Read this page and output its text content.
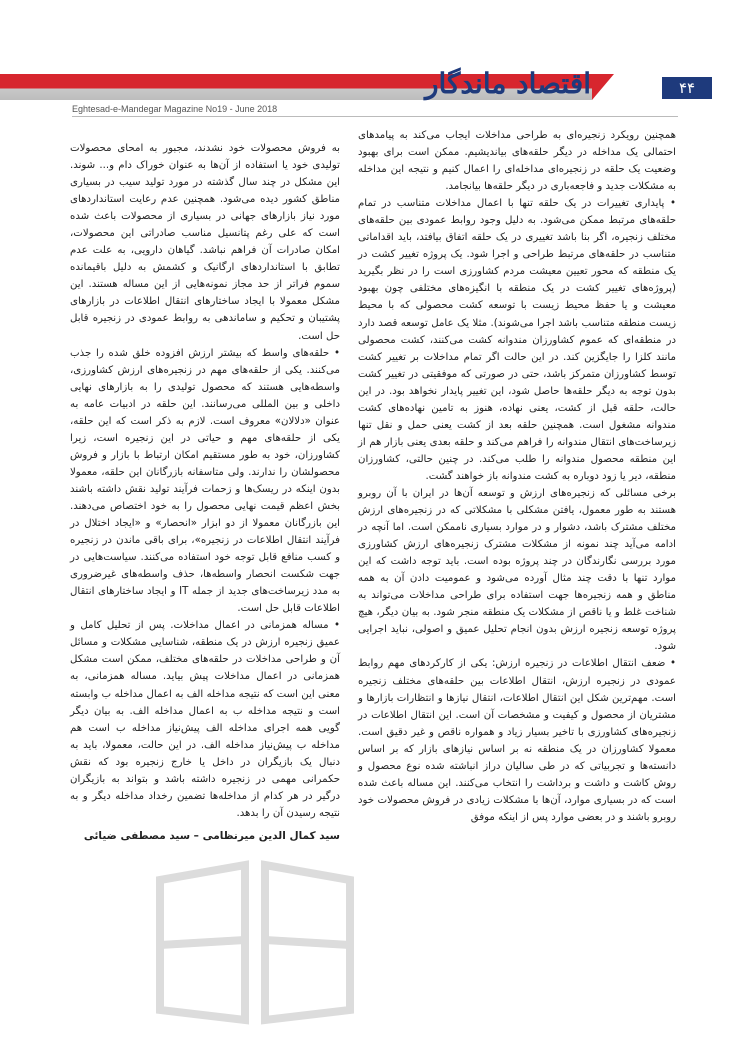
۴۴
اقتصاد ماندگار
Eghtesad-e-Mandegar Magazine No19 - June 2018

همچنین رویکرد زنجیره‌ای به طراحی مداخلات ایجاب می‌کند به پیامدهای احتمالی یک مداخله در دیگر حلقه‌های بیاندیشیم. ممکن است برای بهبود وضعیت یک حلقه در زنجیره‌ای مداخله‌ای را اعمال کنیم و نتیجه این مداخله به مشکلات جدید و فاجعه‌باری در دیگر حلقه‌ها بیانجامد.

• پایداری تغییرات در یک حلقه تنها با اعمال مداخلات متناسب در تمام حلقه‌های مرتبط ممکن می‌شود. به دلیل وجود روابط عمودی بین حلقه‌های مختلف زنجیره، اگر بنا باشد تغییری در یک حلقه اتفاق بیافتد، باید اقداماتی متناسب در حلقه‌های مرتبط طراحی و اجرا شود. یک پروژه تغییر کشت در یک منطقه که محور تعیین معیشت مردم کشاورزی است را در نظر بگیرید (پروژه‌های تغییر کشت در یک منطقه با انگیزه‌های مختلفی چون بهبود معیشت و یا حفظ محیط زیست با توسعه کشت محصولی که با محیط زیست منطقه متناسب باشد اجرا می‌شوند). مثلا یک عامل توسعه قصد دارد در منطقه‌ای که عموم کشاورزان مندوانه کشت می‌کنند، کشت محصولی مانند کلزا را جایگزین کند. در این حالت اگر تمام مداخلات بر تغییر کشت توسط کشاورزان متمرکز باشد، حتی در صورتی که موفقیتی در تغییر کشت بدون توجه به دیگر حلقه‌ها حاصل شود، این تغییر پایدار نخواهد بود. در این حالت، حلقه قبل از کشت، یعنی نهاده، هنوز به تامین نهاده‌های کشت مندوانه مشغول است. همچنین حلقه بعد از کشت یعنی حمل و نقل تنها زیرساخت‌های انتقال مندوانه را فراهم می‌کند و حلقه بعدی یعنی بازار هم از این منطقه محصول مندوانه را طلب می‌کند. در چنین حالتی، کشاورزان منطقه، دیر یا زود دوباره به کشت مندوانه باز خواهند گشت.

برخی مسائلی که زنجیره‌های ارزش و توسعه آن‌ها در ایران با آن روبرو هستند به طور معمول، یافتن مشکلی با مشکلاتی که در زنجیره‌های ارزش مختلف مشترک باشد، دشوار و در موارد بسیاری ناممکن است. اما آنچه در ادامه می‌آید چند نمونه از مشکلات مشترک زنجیره‌های ارزش کشاورزی مورد بررسی نگارندگان در چند پروژه بوده است. باید توجه داشت که این موارد تنها با دقت چند مثال آورده می‌شود و عمومیت دادن آن به همه مناطق و همه زنجیره‌ها جهت استفاده برای طراحی مداخلات می‌تواند به شناخت غلط و یا ناقص از مشکلات یک منطقه منجر شود. به بیان دیگر، هیچ پروژه توسعه زنجیره ارزش بدون انجام تحلیل عمیق و اصولی، نباید اجرایی شود.

• ضعف انتقال اطلاعات در زنجیره ارزش: یکی از کارکردهای مهم روابط عمودی در زنجیره ارزش، انتقال اطلاعات بین حلقه‌های مختلف زنجیره است. مهم‌ترین شکل این انتقال اطلاعات، انتقال نیازها و انتظارات بازارها و مشتریان از محصول و کیفیت و مشخصات آن است. این انتقال اطلاعات در زنجیره‌های کشاورزی با تاخیر بسیار زیاد و همواره ناقص و غیر دقیق است. معمولا کشاورزان در یک منطقه نه بر اساس نیازهای بازار که بر اساس دانسته‌ها و تجربیاتی که در طی سالیان دراز انباشته شده نوع محصول و روش کاشت و داشت و برداشت را انتخاب می‌کنند. این مساله باعث شده است که در بسیاری موارد، آن‌ها با مشکلات زیادی در فروش محصولات خود روبرو باشند و در بعضی موارد پس از اینکه موفق

به فروش محصولات خود نشدند، مجبور به امحای محصولات تولیدی خود یا استفاده از آن‌ها به عنوان خوراک دام و... شوند. این مشکل در چند سال گذشته در مورد تولید سیب در بسیاری مناطق کشور دیده می‌شود. همچنین عدم رعایت استانداردهای مورد نیاز بازارهای جهانی در بسیاری از محصولات باعث شده است که علی رغم پتانسیل مناسب صادراتی این محصولات، امکان صادرات آن فراهم نباشد. گیاهان دارویی، به علت عدم تطابق با استانداردهای ارگانیک و کشمش به دلیل باقیمانده سموم فراتر از حد مجاز نمونه‌هایی از این مساله هستند. این مشکل معمولا با ایجاد ساختارهای انتقال اطلاعات در بازارهای پشتیبان و تحکیم و ساماندهی به روابط عمودی در زنجیره قابل حل است.

• حلقه‌های واسط که بیشتر ارزش افزوده خلق شده را جذب می‌کنند. یکی از حلقه‌های مهم در زنجیره‌های ارزش کشاورزی، واسطه‌هایی هستند که محصول تولیدی را به بازارهای نهایی داخلی و بین المللی می‌رسانند. این حلقه در ادبیات عامه به عنوان «دلالان» معروف است. لازم به ذکر است که این حلقه، یکی از حلقه‌های مهم و حیاتی در این زنجیره است، زیرا کشاورزان، خود به طور مستقیم امکان ارتباط با بازار و فروش محصولشان را ندارند. ولی متاسفانه بازرگانان این حلقه، معمولا بدون اینکه در ریسک‌ها و زحمات فرآیند تولید نقش داشته باشند بخش اعظم قیمت نهایی محصول را به خود اختصاص می‌دهند. این بازرگانان معمولا از دو ابزار «انحصار» و «ایجاد اختلال در فرآیند انتقال اطلاعات در زنجیره»، برای باقی ماندن در زنجیره و کسب منافع قابل توجه خود استفاده می‌کنند. سیاست‌هایی در جهت شکست انحصار واسطه‌ها، حذف واسطه‌های غیرضروری به مدد زیرساخت‌های جدید از جمله IT و ایجاد ساختارهای انتقال اطلاعات قابل حل است.

• مساله همزمانی در اعمال مداخلات. پس از تحلیل کامل و عمیق زنجیره ارزش در یک منطقه، شناسایی مشکلات و مسائل آن و طراحی مداخلات در حلقه‌های مختلف، ممکن است مشکل همزمانی در اعمال مداخلات پیش بیاید. مساله همزمانی، به معنی این است که نتیجه مداخله الف به اعمال مداخله ب وابسته است و نتیجه مداخله ب به اعمال مداخله الف. به بیان دیگر گویی همه اجرای مداخله الف پیش‌نیاز مداخله ب است هم مداخله ب پیش‌نیاز مداخله الف. در این حالت، معمولا، باید به دنبال یک بازیگران در داخل یا خارج زنجیره بود که نقش حکمرانی مهمی در زنجیره داشته باشد و بتواند به بازیگران درگیر در هر کدام از مداخله‌ها تضمین رخداد مداخله دیگر و به نتیجه رسیدن آن را بدهد.

سید کمال الدین میرنظامی – سید مصطفی ضیائی
